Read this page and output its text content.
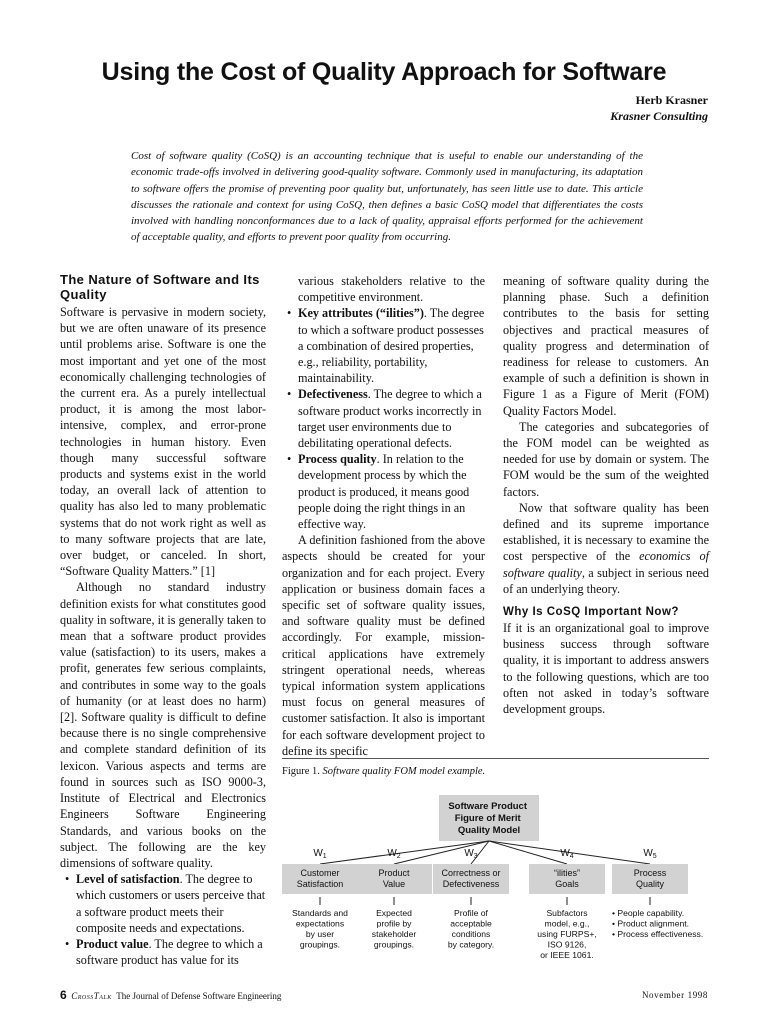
Using the Cost of Quality Approach for Software
Herb Krasner
Krasner Consulting

Cost of software quality (CoSQ) is an accounting technique that is useful to enable our understanding of the economic trade-offs involved in delivering good-quality software. Commonly used in manufacturing, its adaptation to software offers the promise of preventing poor quality but, unfortunately, has seen little use to date. This article discusses the rationale and context for using CoSQ, then defines a basic CoSQ model that differentiates the costs involved with handling nonconformances due to a lack of quality, appraisal efforts performed for the achievement of acceptable quality, and efforts to prevent poor quality from occurring.

The Nature of Software and Its Quality

Software is pervasive in modern society, but we are often unaware of its presence until problems arise. Software is one the most important and yet one of the most economically challenging technologies of the current era. As a purely intellectual product, it is among the most labor-intensive, complex, and error-prone technologies in human history. Even though many successful software products and systems exist in the world today, an overall lack of attention to quality has also led to many problematic systems that do not work right as well as to many software projects that are late, over budget, or canceled. In short, “Software Quality Matters.” [1]

Although no standard industry definition exists for what constitutes good quality in software, it is generally taken to mean that a software product provides value (satisfaction) to its users, makes a profit, generates few serious complaints, and contributes in some way to the goals of humanity (or at least does no harm) [2]. Software quality is difficult to define because there is no single comprehensive and complete standard definition of its lexicon. Various aspects and terms are found in sources such as ISO 9000-3, Institute of Electrical and Electronics Engineers Software Engineering Standards, and various books on the subject. The following are the key dimensions of software quality.

• Level of satisfaction. The degree to which customers or users perceive that a software product meets their composite needs and expectations.
• Product value. The degree to which a software product has value for its

various stakeholders relative to the competitive environment.

• Key attributes (“ilities”). The degree to which a software product possesses a combination of desired properties, e.g., reliability, portability, maintainability.
• Defectiveness. The degree to which a software product works incorrectly in target user environments due to debilitating operational defects.
• Process quality. In relation to the development process by which the product is produced, it means good people doing the right things in an effective way.

A definition fashioned from the above aspects should be created for your organization and for each project. Every application or business domain faces a specific set of software quality issues, and software quality must be defined accordingly. For example, mission-critical applications have extremely stringent operational needs, whereas typical information system applications must focus on general measures of customer satisfaction. It also is important for each software development project to define its specific

meaning of software quality during the planning phase. Such a definition contributes to the basis for setting objectives and practical measures of quality progress and determination of readiness for release to customers. An example of such a definition is shown in Figure 1 as a Figure of Merit (FOM) Quality Factors Model.

The categories and subcategories of the FOM model can be weighted as needed for use by domain or system. The FOM would be the sum of the weighted factors.

Now that software quality has been defined and its supreme importance established, it is necessary to examine the cost perspective of the economics of software quality, a subject in serious need of an underlying theory.

Why Is CoSQ Important Now?

If it is an organizational goal to improve business success through software quality, it is important to address answers to the following questions, which are too often not asked in today’s software development groups.

Figure 1. Software quality FOM model example.
Software Product Figure of Merit Quality Model
$W_1$
Customer Satisfaction
Standards and expectations by user groupings.
$W_2$
Product Value
Expected profile by stakeholder groupings.
$W_3$
Correctness or Defectiveness
Profile of acceptable conditions by category.
$W_4$
“ilities” Goals
Subfactors model, e.g., using FURPS+, ISO 9126, or IEEE 1061.
$W_5$
Process Quality
• People capability. • Product alignment. • Process effectiveness.
6 CrossTalk The Journal of Defense Software Engineering	November 1998
